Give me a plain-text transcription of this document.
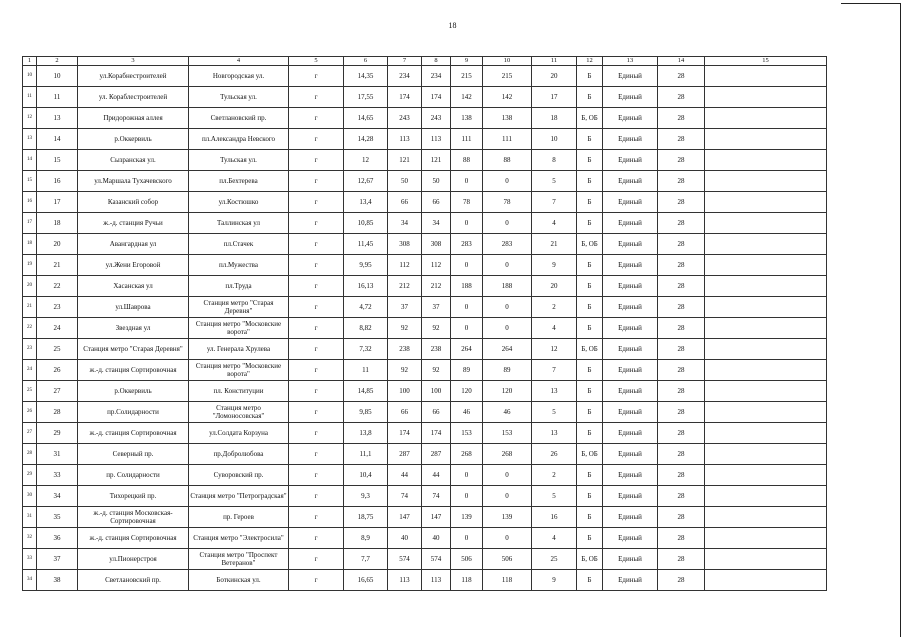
18
1	2	3	4	5	6	7	8	9	10	11	12	13	14	15
10	10	ул.Корабнестроителей	Новгородская ул.	г	14,35	234	234	215	215	20	Б	Единый	28	
11	11	ул. Кораблестроителей	Тульская ул.	г	17,55	174	174	142	142	17	Б	Единый	28	
12	13	Придорожная аллея	Светлановский пр.	г	14,65	243	243	138	138	18	Б, ОБ	Единый	28	
13	14	р.Оккервиль	пл.Александра Невского	г	14,28	113	113	111	111	10	Б	Единый	28	
14	15	Сызранская ул.	Тульская ул.	г	12	121	121	88	88	8	Б	Единый	28	
15	16	ул.Маршала Тухачевского	пл.Бехтерева	г	12,67	50	50	0	0	5	Б	Единый	28	
16	17	Казанский собор	ул.Костюшко	г	13,4	66	66	78	78	7	Б	Единый	28	
17	18	ж.-д. станция Ручьи	Таллинская ул	г	10,85	34	34	0	0	4	Б	Единый	28	
18	20	Авангардная ул	пл.Стачек	г	11,45	308	308	283	283	21	Б, ОБ	Единый	28	
19	21	ул.Жени Егоровой	пл.Мужества	г	9,95	112	112	0	0	9	Б	Единый	28	
20	22	Хасанская ул	пл.Труда	г	16,13	212	212	188	188	20	Б	Единый	28	
21	23	ул.Шаврова	Станция метро "Старая Деревня"	г	4,72	37	37	0	0	2	Б	Единый	28	
22	24	Звездная ул	Станция метро "Московские ворота"	г	8,82	92	92	0	0	4	Б	Единый	28	
23	25	Станция метро "Старая Деревня"	ул. Генерала Хрулева	г	7,32	238	238	264	264	12	Б, ОБ	Единый	28	
24	26	ж.-д. станция Сортировочная	Станция метро "Московские ворота"	г	11	92	92	89	89	7	Б	Единый	28	
25	27	р.Оккервиль	пл. Конституции	г	14,85	100	100	120	120	13	Б	Единый	28	
26	28	пр.Солидарности	Станция метро "Ломоносовская"	г	9,85	66	66	46	46	5	Б	Единый	28	
27	29	ж.-д. станция Сортировочная	ул.Солдата Корзуна	г	13,8	174	174	153	153	13	Б	Единый	28	
28	31	Северный пр.	пр.Добролюбова	г	11,1	287	287	268	268	26	Б, ОБ	Единый	28	
29	33	пр. Солидарности	Суворовский пр.	г	10,4	44	44	0	0	2	Б	Единый	28	
30	34	Тихорецкий пр.	Станция метро "Петроградская"	г	9,3	74	74	0	0	5	Б	Единый	28	
31	35	ж.-д. станция Московская-Сортировочная	пр. Героев	г	18,75	147	147	139	139	16	Б	Единый	28	
32	36	ж.-д. станция Сортировочная	Станция метро "Электросила"	г	8,9	40	40	0	0	4	Б	Единый	28	
33	37	ул.Пионерстроя	Станция метро "Проспект Ветеранов"	г	7,7	574	574	506	506	25	Б, ОБ	Единый	28	
34	38	Светлановский пр.	Боткинская ул.	г	16,65	113	113	118	118	9	Б	Единый	28	
